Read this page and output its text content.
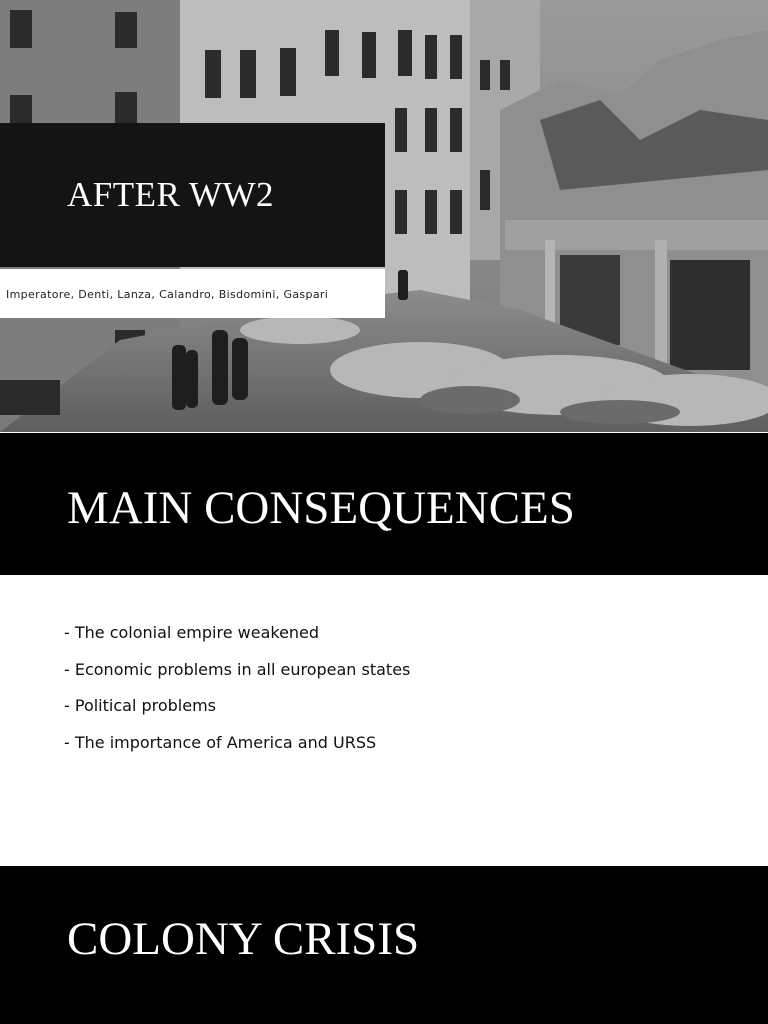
AFTER WW2
Imperatore, Denti, Lanza, Calandro, Bisdomini, Gaspari
MAIN CONSEQUENCES
- The colonial empire weakened
- Economic problems in all european states
- Political problems
- The importance of America and URSS
COLONY CRISIS
